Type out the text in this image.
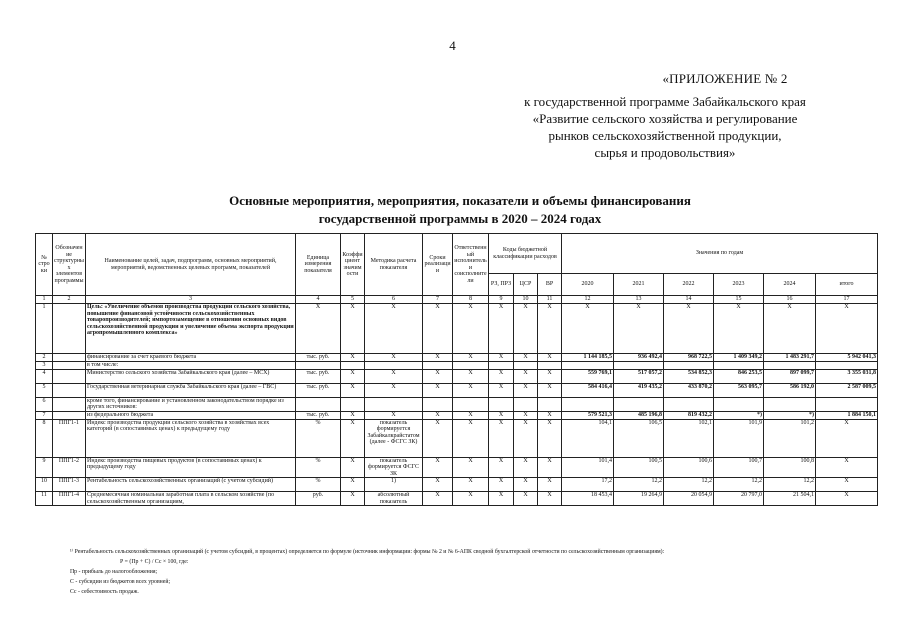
4
«ПРИЛОЖЕНИЕ № 2
к государственной программе Забайкальского края
«Развитие сельского хозяйства и регулирование
рынков сельскохозяйственной продукции,
сырья и продовольствия»
Основные мероприятия, мероприятия, показатели и объемы финансирования
государственной программы в 2020 – 2024 годах
№ строки	Обозначение структурных элементов программы	Наименование целей, задач, подпрограмм, основных мероприятий, мероприятий, ведомственных целевых программ, показателей	Единица измерения показателя	Коэффициент значимости	Методика расчета показателя	Сроки реализации	Ответственный исполнитель и соисполнители	Коды бюджетной классификации расходов			Значения по годам					
								РЗ, ПРЗ	ЦСР	ВР	2020	2021	2022	2023	2024	итого
1	2	3	4	5	6	7	8	9	10	11	12	13	14	15	16	17
1		Цель: «Увеличение объемов производства продукции сельского хозяйства, повышение финансовой устойчивости сельскохозяйственных товаропроизводителей; импортозамещение в отношении основных видов сельскохозяйственной продукции и увеличение объема экспорта продукции агропромышленного комплекса»	X	X	X	X	X	X	X	X	X	X	X	X	X	X
2		финансирование за счет краевого бюджета	тыс. руб.	X	X	X	X	X	X	X	1 144 185,5	936 492,4	968 722,5	1 409 349,2	1 483 291,7	5 942 041,3
3		в том числе:														
4		Министерство сельского хозяйства Забайкальского края (далее – МСХ)	тыс. руб.	X	X	X	X	X	X	X	559 769,1	517 057,2	534 852,3	846 253,5	897 099,7	3 355 031,8
5		Государственная ветеринарная служба Забайкальского края (далее – ГВС)	тыс. руб.	X	X	X	X	X	X	X	584 416,4	419 435,2	433 870,2	563 095,7	586 192,0	2 587 009,5
6		кроме того, финансирование и установленном законодательством порядке из других источников:														
7		из федерального бюджета	тыс. руб.	X	X	X	X	X	X	X	579 521,3	485 196,8	819 432,2	*)	*)	1 884 150,1
8	ППГ1-1	Индекс производства продукции сельского хозяйства в хозяйствах всех категорий (в сопоставимых ценах) к предыдущему году	%	X	показатель формируется Забайкалкрайстатом (далее - ФСГС ЗК)	X	X	X	X	X	104,1	106,5	102,1	101,9	101,2	X
9	ППГ1-2	Индекс производства пищевых продуктов (в сопоставимых ценах) к предыдущему году	%	X	показатель формируется ФСГС ЗК	X	X	X	X	X	101,4	100,5	100,6	100,7	100,8	X
10	ППГ1-3	Рентабельность сельскохозяйственных организаций (с учетом субсидий)	%	X	1)	X	X	X	X	X	17,2	12,2	12,2	12,2	12,2	X
11	ППГ1-4	Среднемесячная номинальная заработная плата в сельском хозяйстве (по сельскохозяйственным организациям,	руб.	X	абсолютный показатель	X	X	X	X	X	18 453,4	19 264,9	20 054,9	20 797,0	21 504,1	X
¹⁾ Рентабельность сельскохозяйственных организаций (с учетом субсидий, в процентах) определяется по формуле (источник информации: формы № 2 и № 6-АПК сводной бухгалтерской отчетности по сельскохозяйственным организациям):
Р = (Пр + С) / Сс × 100, где:
Пр - прибыль до налогообложения;
С - субсидии из бюджетов всех уровней;
Сс - себестоимость продаж.
